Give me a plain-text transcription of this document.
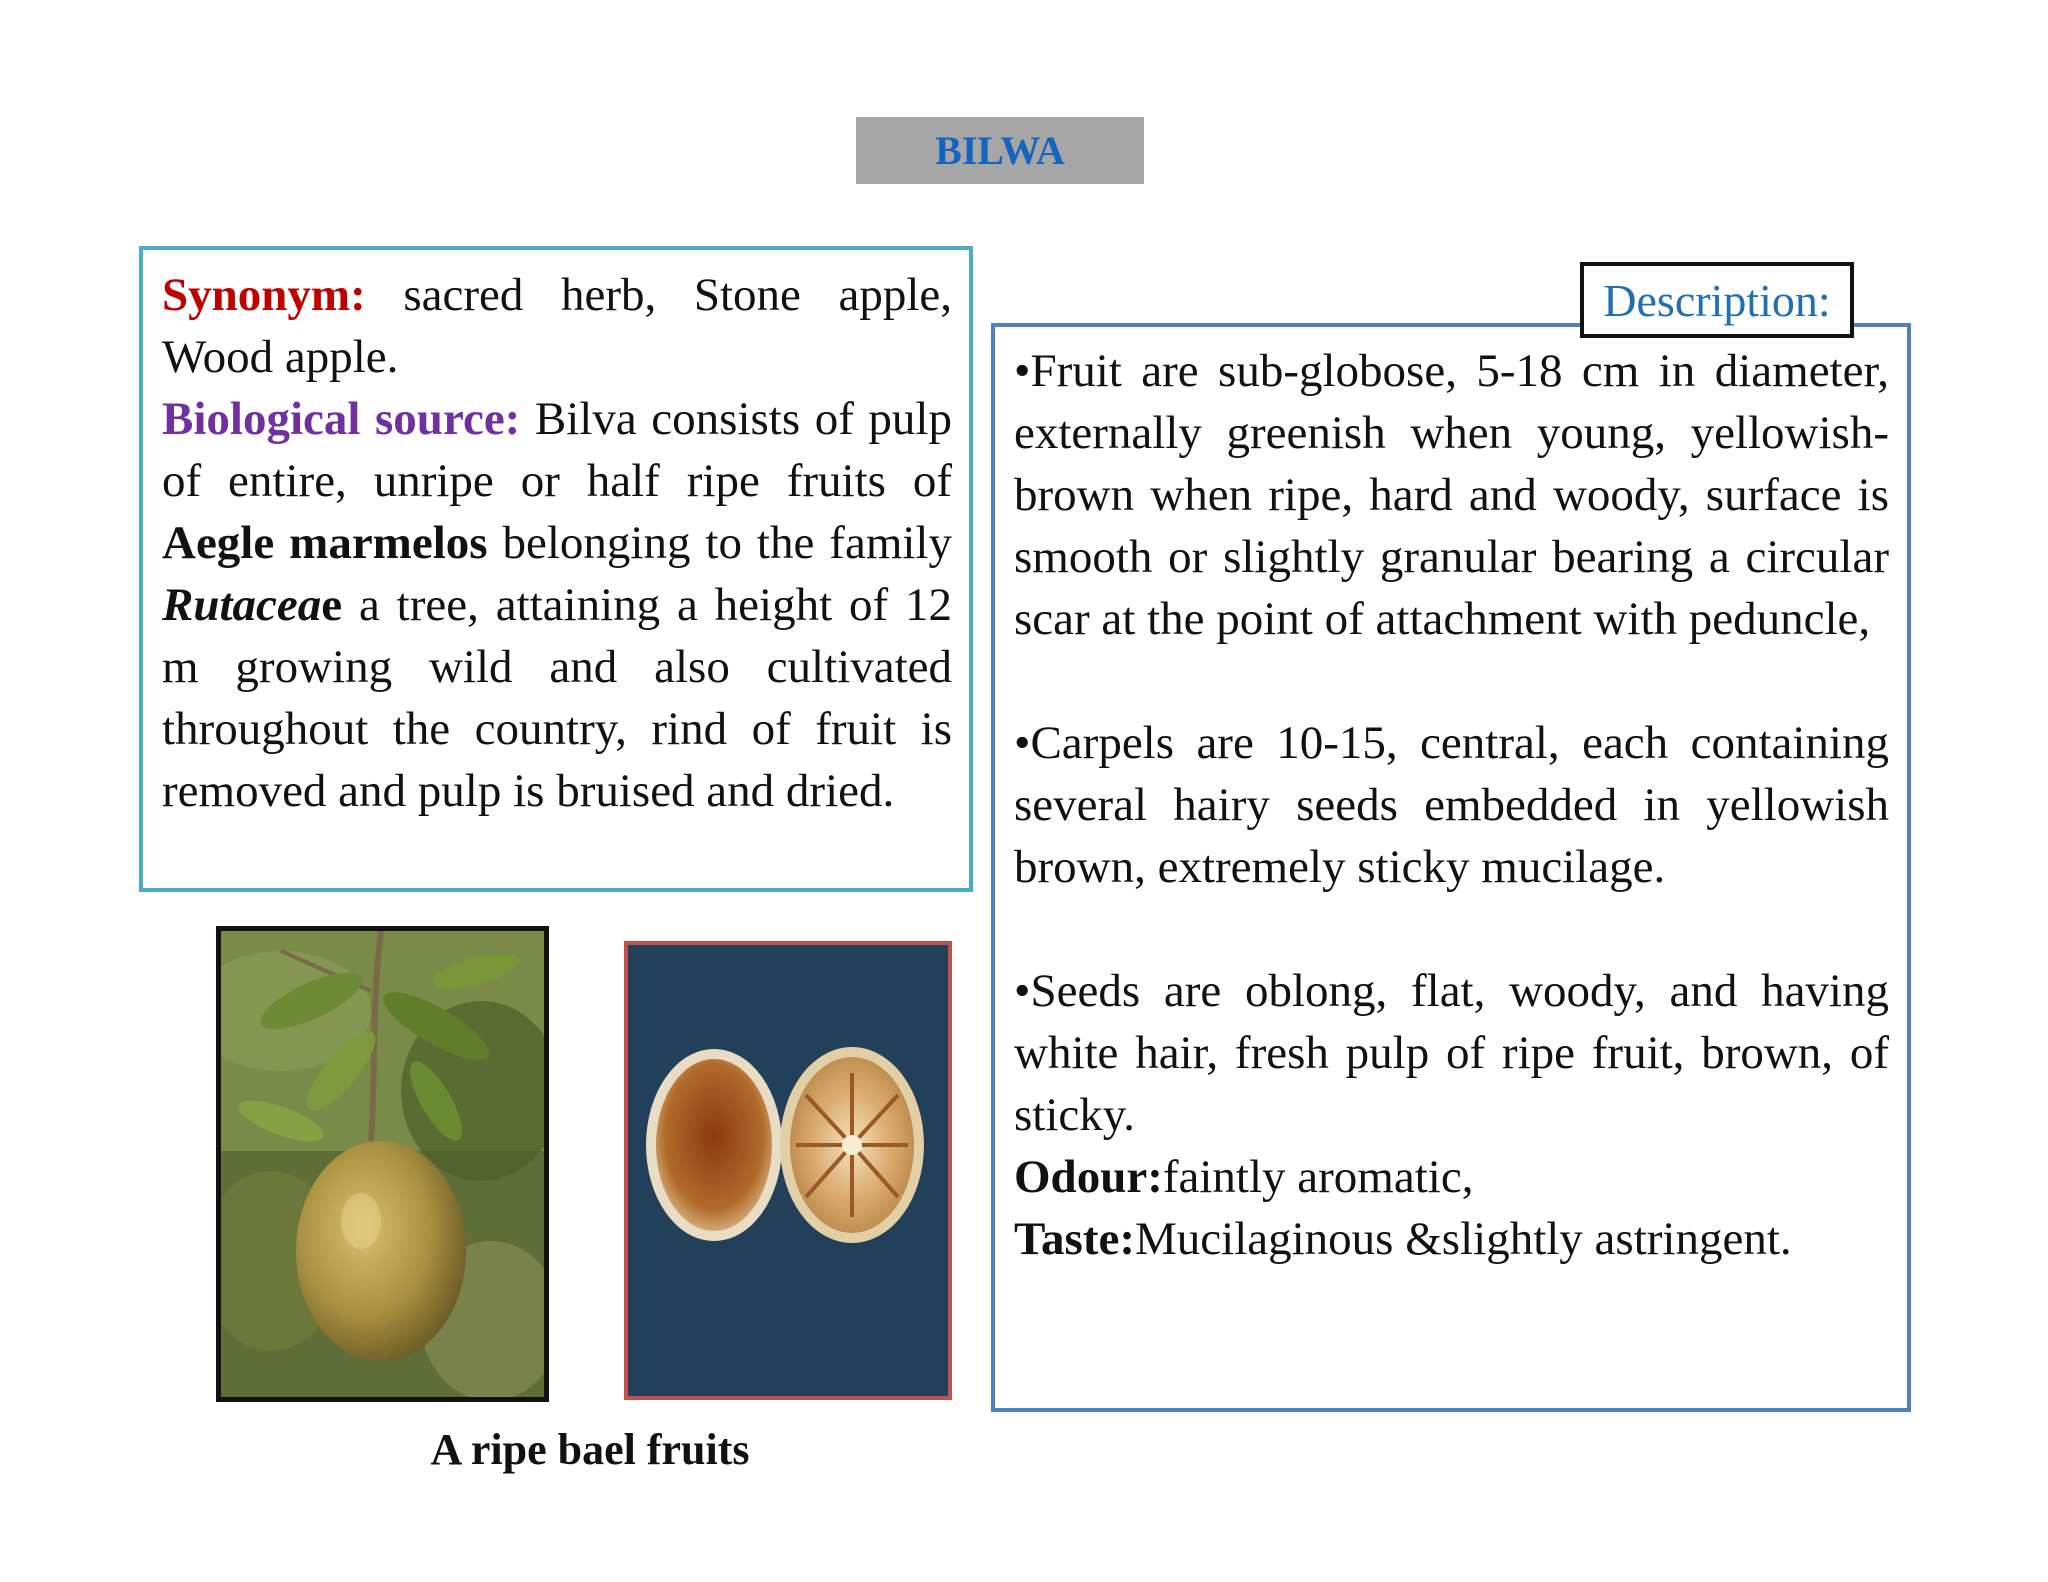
BILWA
Synonym: sacred herb, Stone apple, Wood apple.
Biological source: Bilva consists of pulp of entire, unripe or half ripe fruits of Aegle marmelos belonging to the family Rutaceae a tree, attaining a height of 12 m growing wild and also cultivated throughout the country, rind of fruit is removed and pulp is bruised and dried.
Description:

•Fruit are sub-globose, 5-18 cm in diameter, externally greenish when young, yellowish-brown when ripe, hard and woody, surface is smooth or slightly granular bearing a circular scar at the point of attachment with peduncle,

•Carpels are 10-15, central, each containing several hairy seeds embedded in yellowish brown, extremely sticky mucilage.

•Seeds are oblong, flat, woody, and having white hair, fresh pulp of ripe fruit, brown, of sticky.

Odour:faintly aromatic,

Taste:Mucilaginous &slightly astringent.

A ripe bael fruits
